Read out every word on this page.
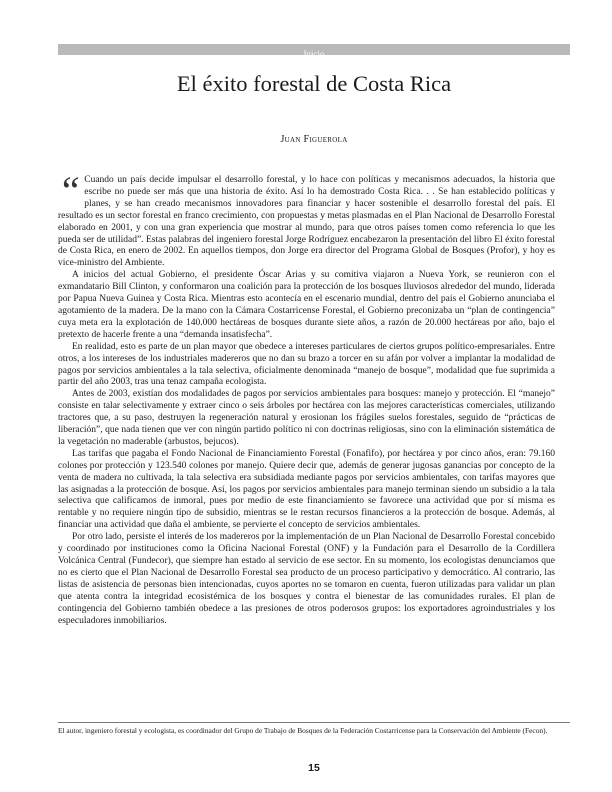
Inicio
El éxito forestal de Costa Rica
Juan Figuerola

“ Cuando un país decide impulsar el desarrollo forestal, y lo hace con políticas y mecanismos adecuados, la historia que escribe no puede ser más que una historia de éxito. Así lo ha demostrado Costa Rica. . . Se han establecido políticas y planes, y se han creado mecanismos innovadores para financiar y hacer sostenible el desarrollo forestal del país. El resultado es un sector forestal en franco crecimiento, con propuestas y metas plasmadas en el Plan Nacional de Desarrollo Forestal elaborado en 2001, y con una gran experiencia que mostrar al mundo, para que otros países tomen como referencia lo que les pueda ser de utilidad”. Estas palabras del ingeniero forestal Jorge Rodríguez encabezaron la presentación del libro El éxito forestal de Costa Rica, en enero de 2002. En aquellos tiempos, don Jorge era director del Programa Global de Bosques (Profor), y hoy es vice-ministro del Ambiente.

A inicios del actual Gobierno, el presidente Óscar Arias y su comitiva viajaron a Nueva York, se reunieron con el exmandatario Bill Clinton, y conformaron una coalición para la protección de los bosques lluviosos alrededor del mundo, liderada por Papua Nueva Guinea y Costa Rica. Mientras esto acontecía en el escenario mundial, dentro del país el Gobierno anunciaba el agotamiento de la madera. De la mano con la Cámara Costarricense Forestal, el Gobierno preconizaba un “plan de contingencia” cuya meta era la explotación de 140.000 hectáreas de bosques durante siete años, a razón de 20.000 hectáreas por año, bajo el pretexto de hacerle frente a una “demanda insatisfecha”.

En realidad, esto es parte de un plan mayor que obedece a intereses particulares de ciertos grupos político-empresariales. Entre otros, a los intereses de los industriales madereros que no dan su brazo a torcer en su afán por volver a implantar la modalidad de pagos por servicios ambientales a la tala selectiva, oficialmente denominada “manejo de bosque”, modalidad que fue suprimida a partir del año 2003, tras una tenaz campaña ecologista.

Antes de 2003, existían dos modalidades de pagos por servicios ambientales para bosques: manejo y protección. El “manejo” consiste en talar selectivamente y extraer cinco o seis árboles por hectárea con las mejores características comerciales, utilizando tractores que, a su paso, destruyen la regeneración natural y erosionan los frágiles suelos forestales, seguido de “prácticas de liberación”, que nada tienen que ver con ningún partido político ni con doctrinas religiosas, sino con la eliminación sistemática de la vegetación no maderable (arbustos, bejucos).

Las tarifas que pagaba el Fondo Nacional de Financiamiento Forestal (Fonafifo), por hectárea y por cinco años, eran: 79.160 colones por protección y 123.540 colones por manejo. Quiere decir que, además de generar jugosas ganancias por concepto de la venta de madera no cultivada, la tala selectiva era subsidiada mediante pagos por servicios ambientales, con tarifas mayores que las asignadas a la protección de bosque. Así, los pagos por servicios ambientales para manejo terminan siendo un subsidio a la tala selectiva que calificamos de inmoral, pues por medio de este financiamiento se favorece una actividad que por sí misma es rentable y no requiere ningún tipo de subsidio, mientras se le restan recursos financieros a la protección de bosque. Además, al financiar una actividad que daña el ambiente, se pervierte el concepto de servicios ambientales.

Por otro lado, persiste el interés de los madereros por la implementación de un Plan Nacional de Desarrollo Forestal concebido y coordinado por instituciones como la Oficina Nacional Forestal (ONF) y la Fundación para el Desarrollo de la Cordillera Volcánica Central (Fundecor), que siempre han estado al servicio de ese sector. En su momento, los ecologistas denunciamos que no es cierto que el Plan Nacional de Desarrollo Forestal sea producto de un proceso participativo y democrático. Al contrario, las listas de asistencia de personas bien intencionadas, cuyos aportes no se tomaron en cuenta, fueron utilizadas para validar un plan que atenta contra la integridad ecosistémica de los bosques y contra el bienestar de las comunidades rurales. El plan de contingencia del Gobierno también obedece a las presiones de otros poderosos grupos: los exportadores agroindustriales y los especuladores inmobiliarios.

El autor, ingeniero forestal y ecologista, es coordinador del Grupo de Trabajo de Bosques de la Federación Costarricense para la Conservación del Ambiente (Fecon).
15
